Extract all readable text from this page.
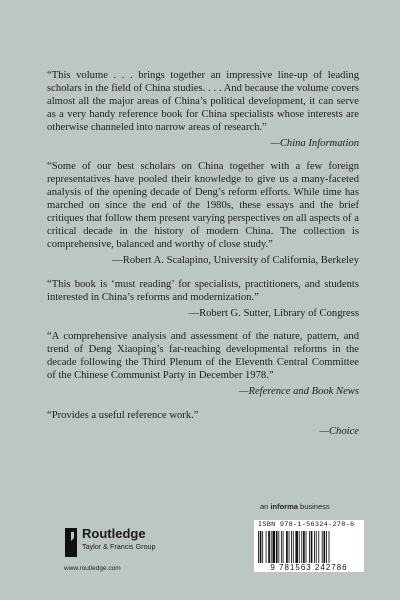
“This volume . . . brings together an impressive line-up of leading scholars in the field of China studies. . . . And because the volume covers almost all the major areas of China’s political development, it can serve as a very handy reference book for China specialists whose interests are otherwise channeled into narrow areas of research.”

—China Information

“Some of our best scholars on China together with a few foreign representatives have pooled their knowledge to give us a many-faceted analysis of the opening decade of Deng’s reform efforts. While time has marched on since the end of the 1980s, these essays and the brief critiques that follow them present varying perspectives on all aspects of a critical decade in the history of modern China. The collection is comprehensive, balanced and worthy of close study.”

—Robert A. Scalapino, University of California, Berkeley

“This book is ‘must reading’ for specialists, practitioners, and students interested in China’s reforms and modernization.”

—Robert G. Sutter, Library of Congress

“A comprehensive analysis and assessment of the nature, pattern, and trend of Deng Xiaoping’s far-reaching developmental reforms in the decade following the Third Plenum of the Eleventh Central Committee of the Chinese Communist Party in December 1978.”

—Reference and Book News

“Provides a useful reference work.”

—Choice
an informa business
ISBN 978-1-56324-278-6
9 781563 242786
Routledge
Taylor & Francis Group
www.routledge.com
